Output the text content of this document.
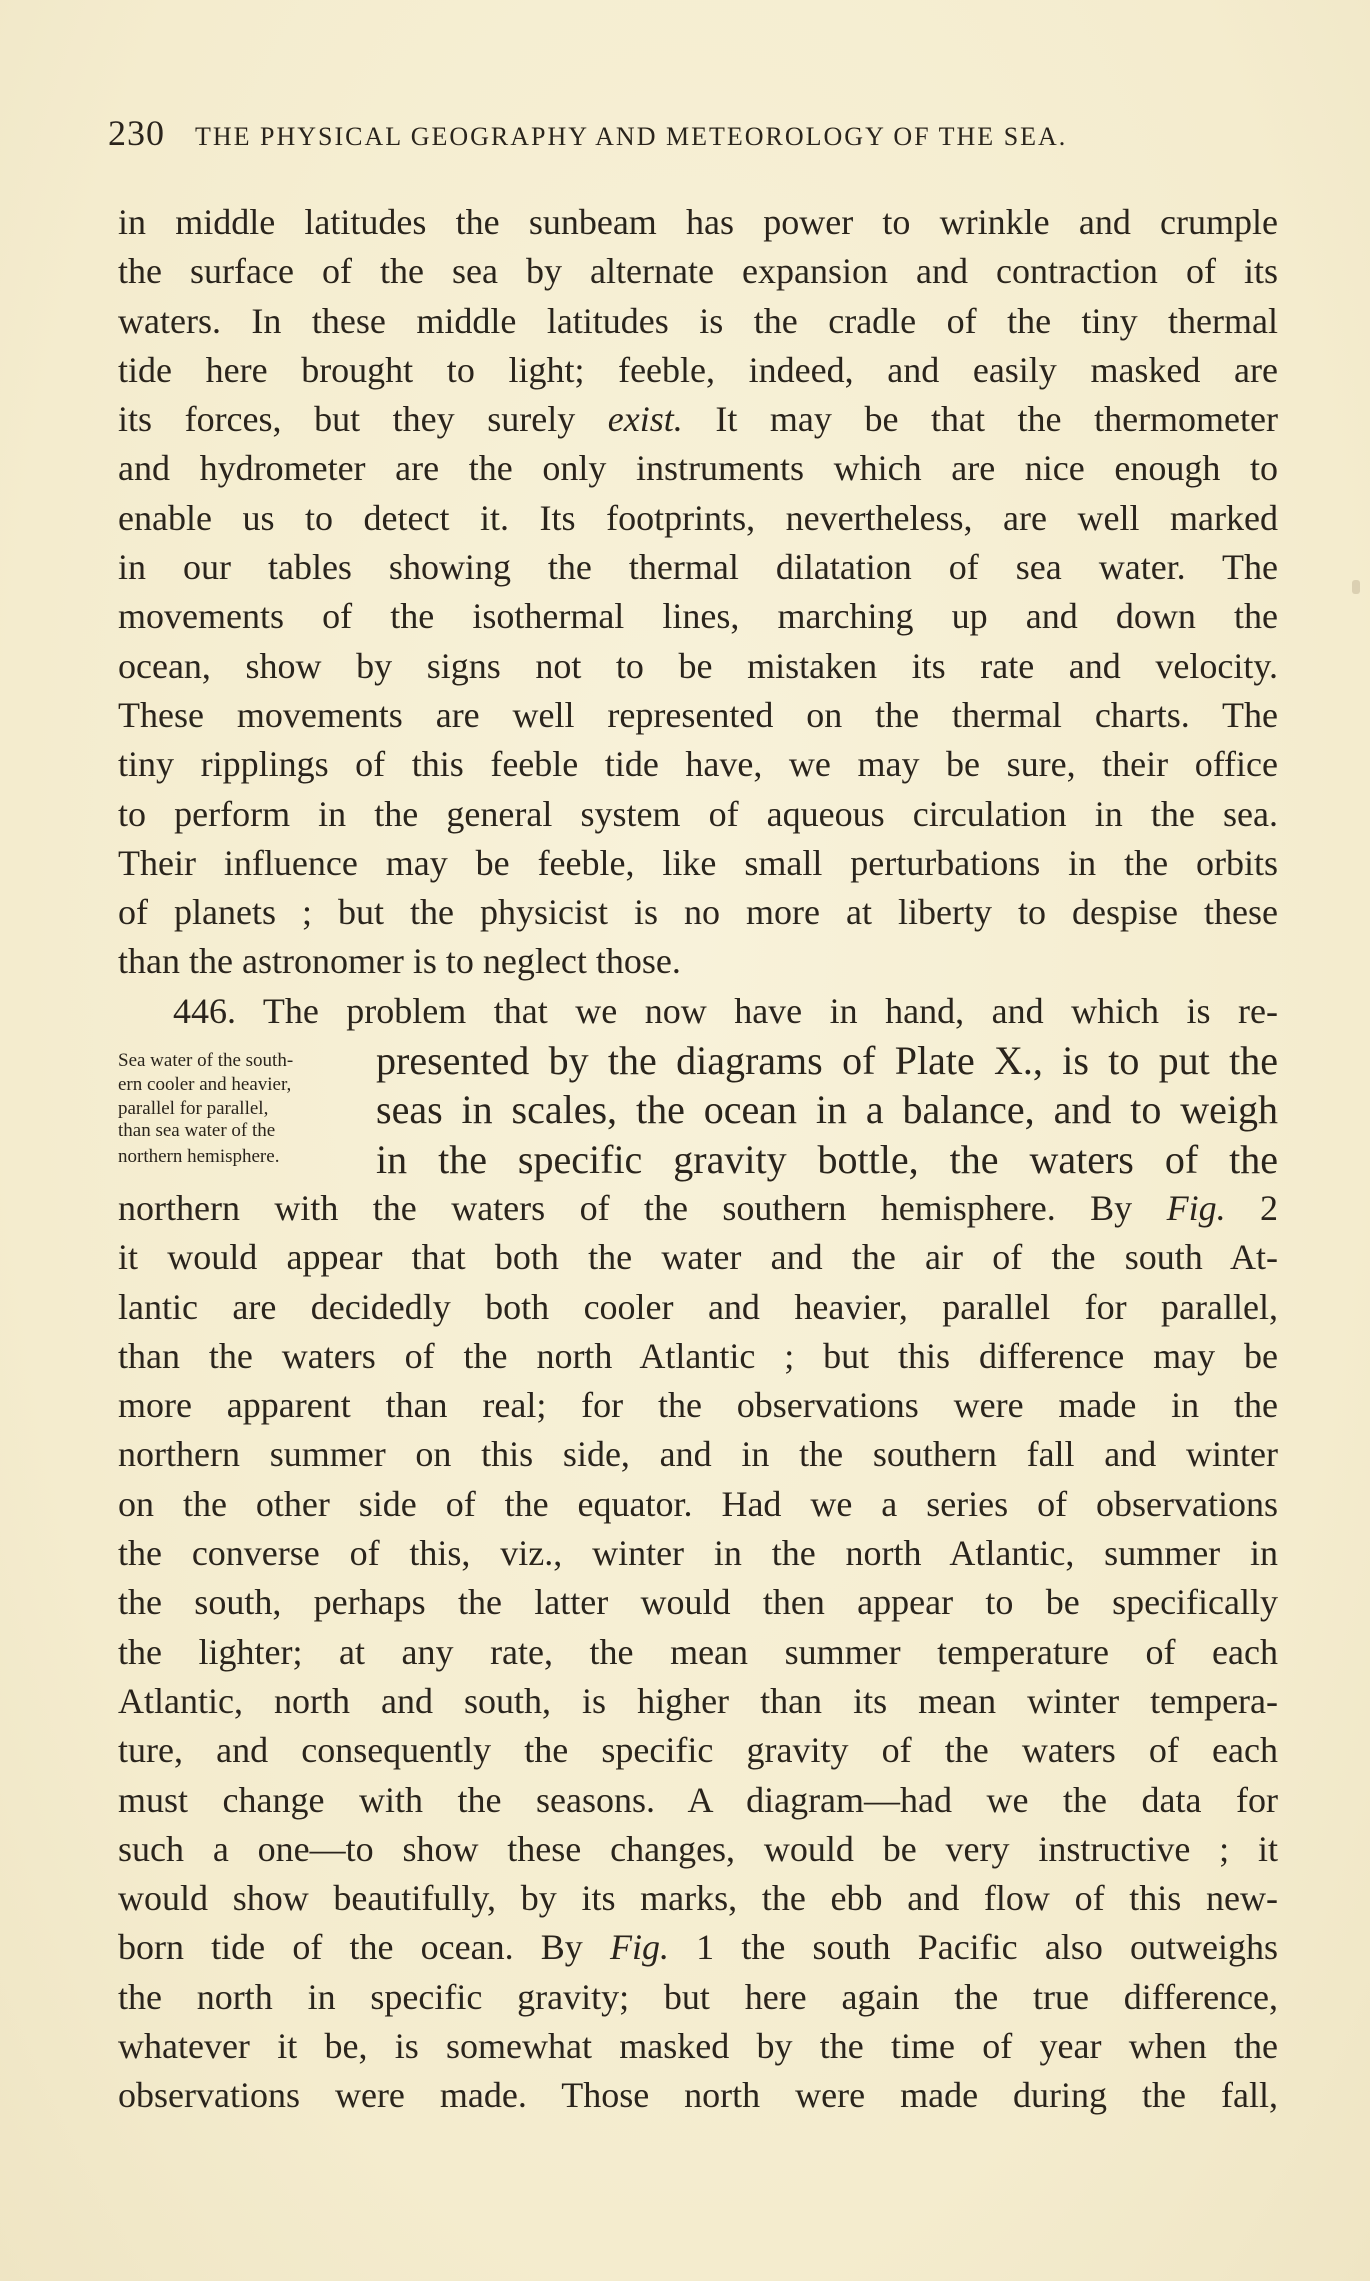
230 THE PHYSICAL GEOGRAPHY AND METEOROLOGY OF THE SEA.
in middle latitudes the sunbeam has power to wrinkle and crumple
the surface of the sea by alternate expansion and contraction of its
waters. In these middle latitudes is the cradle of the tiny thermal
tide here brought to light; feeble, indeed, and easily masked are
its forces, but they surely exist. It may be that the thermometer
and hydrometer are the only instruments which are nice enough to
enable us to detect it. Its footprints, nevertheless, are well marked
in our tables showing the thermal dilatation of sea water. The
movements of the isothermal lines, marching up and down the
ocean, show by signs not to be mistaken its rate and velocity.
These movements are well represented on the thermal charts. The
tiny ripplings of this feeble tide have, we may be sure, their office
to perform in the general system of aqueous circulation in the sea.
Their influence may be feeble, like small perturbations in the orbits
of planets ; but the physicist is no more at liberty to despise these
than the astronomer is to neglect those.
446. The problem that we now have in hand, and which is re-
Sea water of the south-
ern cooler and heavier,
presented by the diagrams of Plate X., is to put the
parallel for parallel,
than sea water of the	seas in scales, the ocean in a balance, and to weigh
northern hemisphere. in the specific gravity bottle, the waters of the
northern with the waters of the southern hemisphere. By Fig. 2
it would appear that both the water and the air of the south At-
lantic are decidedly both cooler and heavier, parallel for parallel,
than the waters of the north Atlantic ; but this difference may be
more apparent than real; for the observations were made in the
northern summer on this side, and in the southern fall and winter
on the other side of the equator. Had we a series of observations
the converse of this, viz., winter in the north Atlantic, summer in
the south, perhaps the latter would then appear to be specifically
the lighter; at any rate, the mean summer temperature of each
Atlantic, north and south, is higher than its mean winter tempera-
ture, and consequently the specific gravity of the waters of each
must change with the seasons. A diagram—had we the data for
such a one—to show these changes, would be very instructive ; it
would show beautifully, by its marks, the ebb and flow of this new-
born tide of the ocean. By Fig. 1 the south Pacific also outweighs
the north in specific gravity; but here again the true difference,
whatever it be, is somewhat masked by the time of year when the
observations were made. Those north were made during the fall,
